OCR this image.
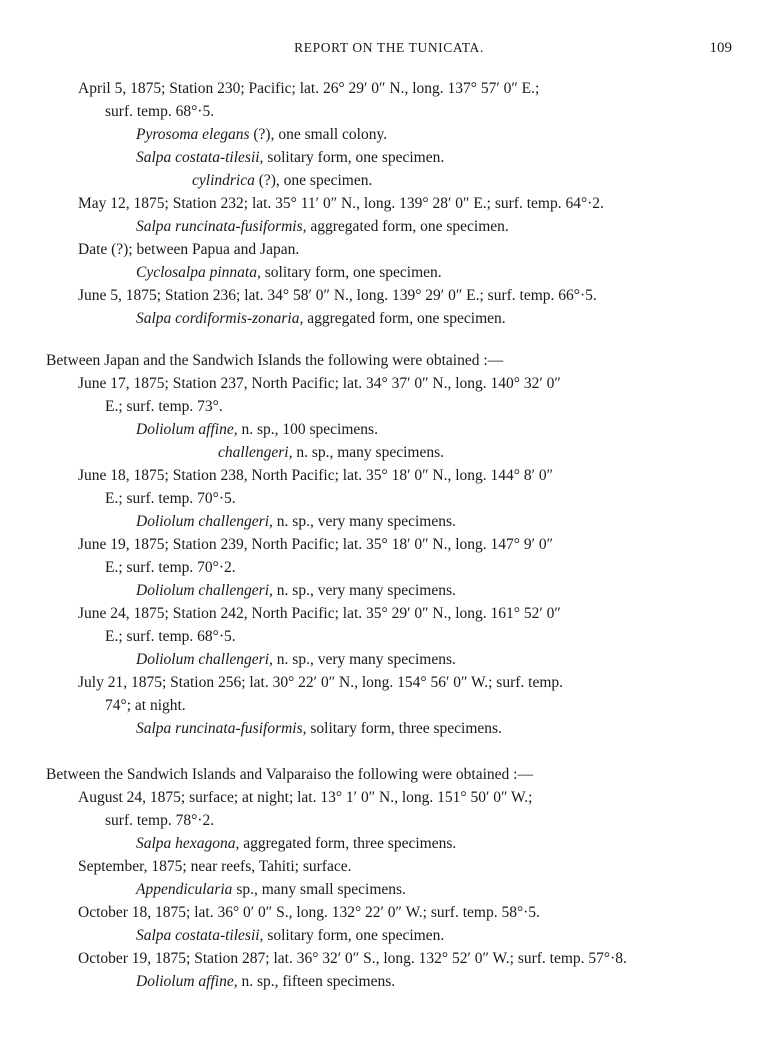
REPORT ON THE TUNICATA.	109
April 5, 1875; Station 230; Pacific; lat. 26° 29′ 0″ N., long. 137° 57′ 0″ E.;
surf. temp. 68°·5.
Pyrosoma elegans (?), one small colony.
Salpa costata-tilesii, solitary form, one specimen.
cylindrica (?), one specimen.
May 12, 1875; Station 232; lat. 35° 11′ 0″ N., long. 139° 28′ 0″ E.; surf. temp. 64°·2.
Salpa runcinata-fusiformis, aggregated form, one specimen.
Date (?); between Papua and Japan.
Cyclosalpa pinnata, solitary form, one specimen.
June 5, 1875; Station 236; lat. 34° 58′ 0″ N., long. 139° 29′ 0″ E.; surf. temp. 66°·5.
Salpa cordiformis-zonaria, aggregated form, one specimen.
Between Japan and the Sandwich Islands the following were obtained :—
June 17, 1875; Station 237, North Pacific; lat. 34° 37′ 0″ N., long. 140° 32′ 0″
E.; surf. temp. 73°.
Doliolum affine, n. sp., 100 specimens.
challengeri, n. sp., many specimens.
June 18, 1875; Station 238, North Pacific; lat. 35° 18′ 0″ N., long. 144° 8′ 0″
E.; surf. temp. 70°·5.
Doliolum challengeri, n. sp., very many specimens.
June 19, 1875; Station 239, North Pacific; lat. 35° 18′ 0″ N., long. 147° 9′ 0″
E.; surf. temp. 70°·2.
Doliolum challengeri, n. sp., very many specimens.
June 24, 1875; Station 242, North Pacific; lat. 35° 29′ 0″ N., long. 161° 52′ 0″
E.; surf. temp. 68°·5.
Doliolum challengeri, n. sp., very many specimens.
July 21, 1875; Station 256; lat. 30° 22′ 0″ N., long. 154° 56′ 0″ W.; surf. temp.
74°; at night.
Salpa runcinata-fusiformis, solitary form, three specimens.
Between the Sandwich Islands and Valparaiso the following were obtained :—
August 24, 1875; surface; at night; lat. 13° 1′ 0″ N., long. 151° 50′ 0″ W.;
surf. temp. 78°·2.
Salpa hexagona, aggregated form, three specimens.
September, 1875; near reefs, Tahiti; surface.
Appendicularia sp., many small specimens.
October 18, 1875; lat. 36° 0′ 0″ S., long. 132° 22′ 0″ W.; surf. temp. 58°·5.
Salpa costata-tilesii, solitary form, one specimen.
October 19, 1875; Station 287; lat. 36° 32′ 0″ S., long. 132° 52′ 0″ W.; surf. temp. 57°·8.
Doliolum affine, n. sp., fifteen specimens.
